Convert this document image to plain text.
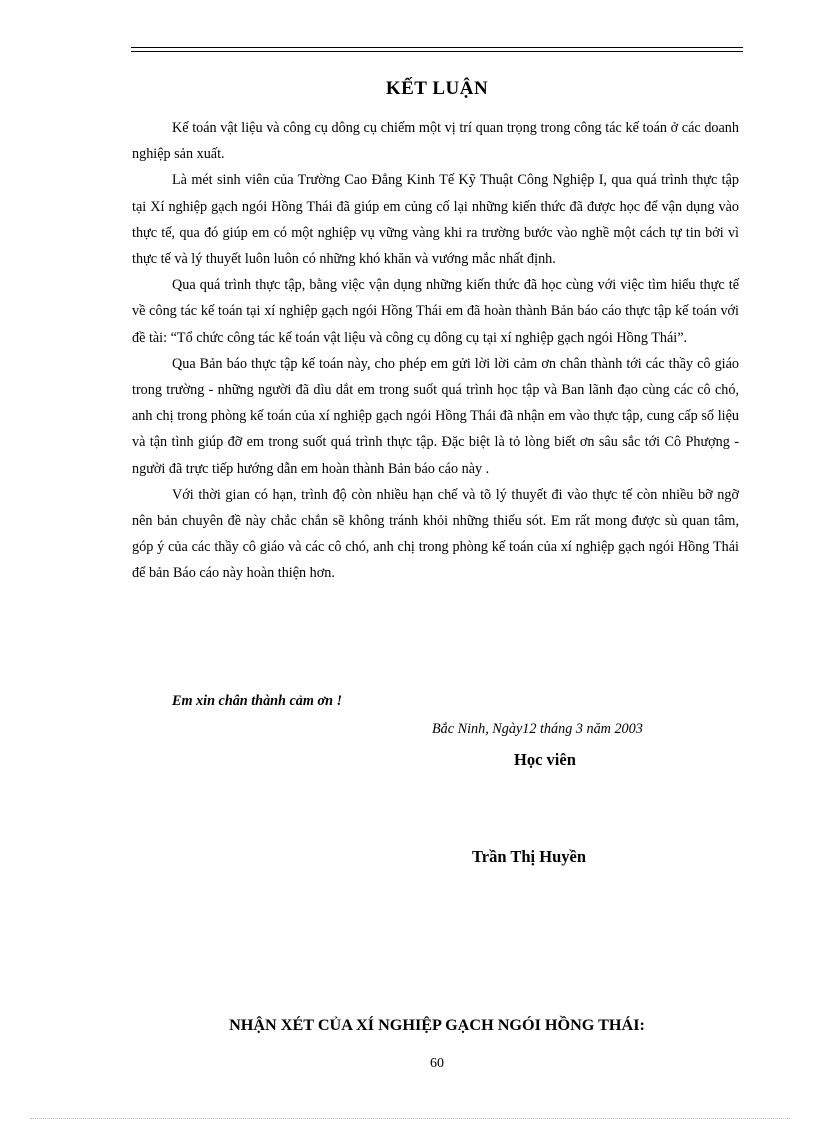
KẾT LUẬN

Kế toán vật liệu và công cụ dông cụ chiếm một vị trí quan trọng trong công tác kế toán ở các doanh nghiệp sản xuất.

Là mét sinh viên của Trường Cao Đẳng Kinh Tế Kỹ Thuật Công Nghiệp I, qua quá trình thực tập tại Xí nghiệp gạch ngói Hồng Thái đã giúp em củng cố lại những kiến thức đã được học để vận dụng vào thực tế, qua đó giúp em có một nghiệp vụ vững vàng khi ra trường bước vào nghề một cách tự tin bởi vì thực tế và lý thuyết luôn luôn có những khó khăn và vướng mắc nhất định.

Qua quá trình thực tập, bằng việc vận dụng những kiến thức đã học cùng với việc tìm hiểu thực tế về công tác kế toán tại xí nghiệp gạch ngói Hồng Thái em đã hoàn thành Bản báo cáo thực tập kế toán với đề tài: “Tổ chức công tác kế toán vật liệu và công cụ dông cụ tại xí nghiệp gạch ngói Hồng Thái”.

Qua Bản báo thực tập kế toán này, cho phép em gửi lời lời cảm ơn chân thành tới các thầy cô giáo trong trường - những người đã dìu dắt em trong suốt quá trình học tập và Ban lãnh đạo cùng các cô chó, anh chị trong phòng kế toán của xí nghiệp gạch ngói Hồng Thái đã nhận em vào thực tập, cung cấp số liệu và tận tình giúp đỡ em trong suốt quá trình thực tập. Đặc biệt là tỏ lòng biết ơn sâu sắc tới Cô Phượng - người đã trực tiếp hướng dẫn em hoàn thành Bản báo cáo này .

Với thời gian có hạn, trình độ còn nhiều hạn chế và tõ lý thuyết đi vào thực tế còn nhiều bỡ ngỡ nên bản chuyên đề này chắc chắn sẽ không tránh khỏi những thiếu sót. Em rất mong được sù quan tâm, góp ý của các thầy cô giáo và các cô chó, anh chị trong phòng kế toán của xí nghiệp gạch ngói Hồng Thái để bản Báo cáo này hoàn thiện hơn.

Em xin chân thành cảm ơn !
Bắc Ninh, Ngày12 tháng 3 năm 2003
Học viên
Trần Thị Huyền
NHẬN XÉT CỦA XÍ NGHIỆP GẠCH NGÓI HỒNG THÁI:
60
